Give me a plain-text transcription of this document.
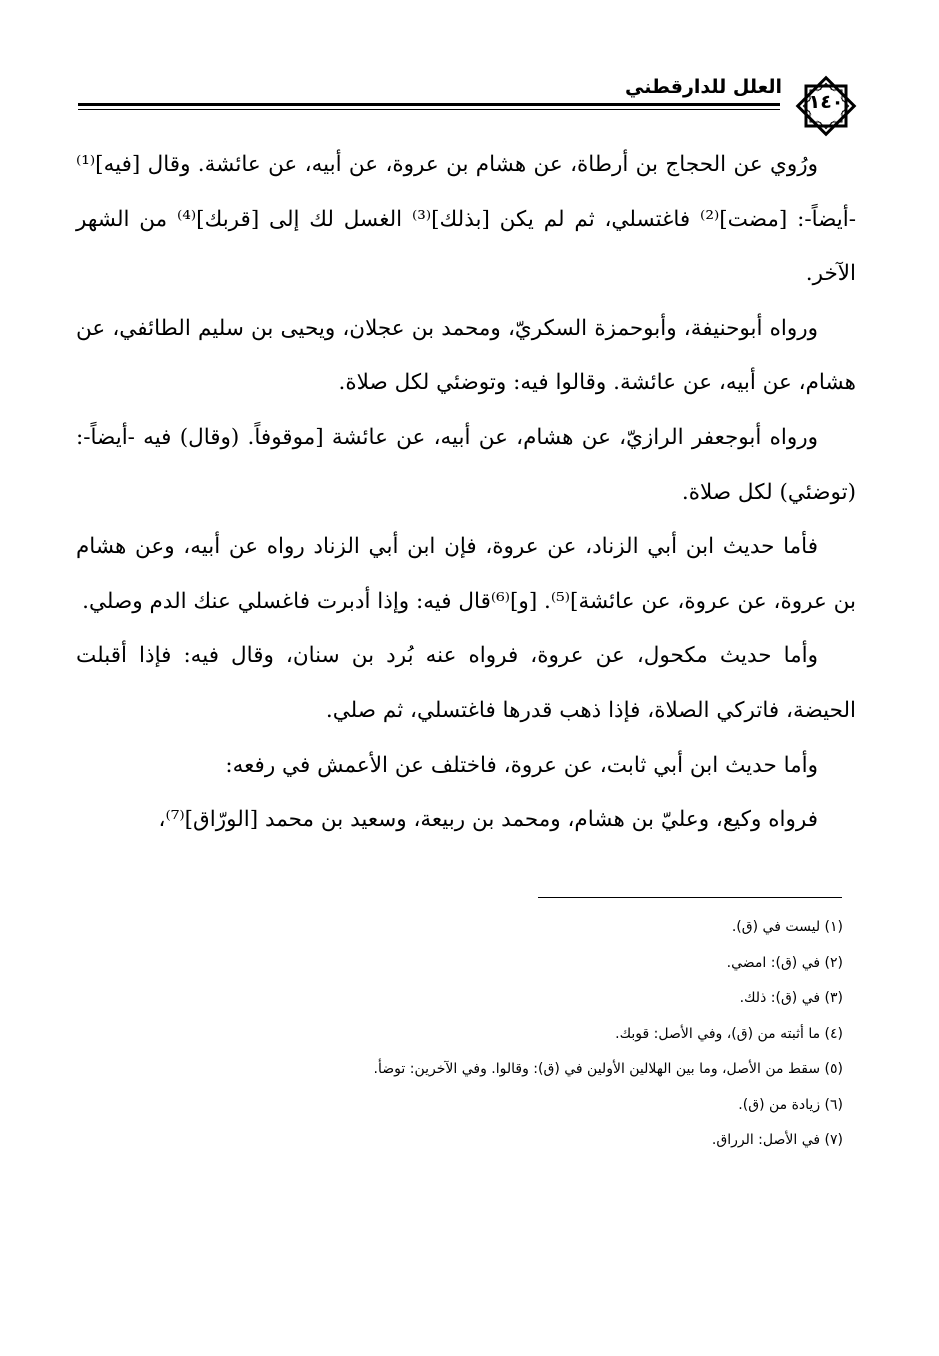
العلل للدارقطني
١٤٠

ورُوي عن الحجاج بن أرطاة، عن هشام بن عروة، عن أبيه، عن عائشة. وقال [فيه]⁽¹⁾ -أيضاً-: [مضت]⁽²⁾ فاغتسلي، ثم لم يكن [بذلك]⁽³⁾ الغسل لك إلى [قربك]⁽⁴⁾ من الشهر الآخر.

ورواه أبوحنيفة، وأبوحمزة السكريّ، ومحمد بن عجلان، ويحيى بن سليم الطائفي، عن هشام، عن أبيه، عن عائشة. وقالوا فيه: وتوضئي لكل صلاة.

ورواه أبوجعفر الرازيّ، عن هشام، عن أبيه، عن عائشة [موقوفاً. (وقال) فيه -أيضاً-: (توضئي) لكل صلاة.

فأما حديث ابن أبي الزناد، عن عروة، فإن ابن أبي الزناد رواه عن أبيه، وعن هشام بن عروة، عن عروة، عن عائشة]⁽⁵⁾. [و]⁽⁶⁾قال فيه: وإذا أدبرت فاغسلي عنك الدم وصلي.

وأما حديث مكحول، عن عروة، فرواه عنه بُرد بن سنان، وقال فيه: فإذا أقبلت الحيضة، فاتركي الصلاة، فإذا ذهب قدرها فاغتسلي، ثم صلي.

وأما حديث ابن أبي ثابت، عن عروة، فاختلف عن الأعمش في رفعه:

فرواه وكيع، وعليّ بن هشام، ومحمد بن ربيعة، وسعيد بن محمد [الورّاق]⁽⁷⁾،

(١) ليست في (ق).
(٢) في (ق): امضي.
(٣) في (ق): ذلك.
(٤) ما أثبته من (ق)، وفي الأصل: قوبك.
(٥) سقط من الأصل، وما بين الهلالين الأولين في (ق): وقالوا. وفي الآخرين: توضأ.
(٦) زيادة من (ق).
(٧) في الأصل: الرراق.
